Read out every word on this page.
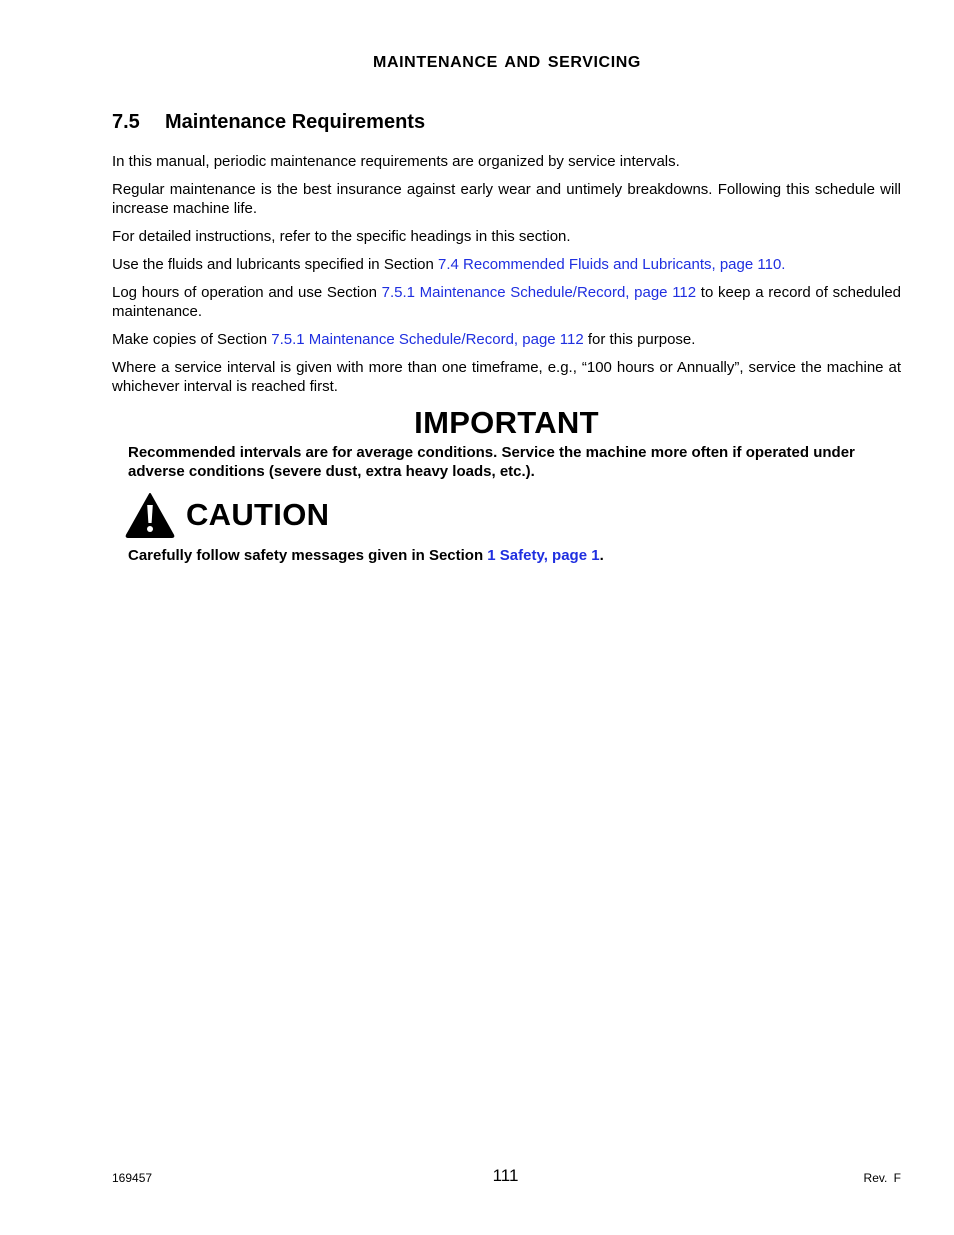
MAINTENANCE AND SERVICING
7.5 Maintenance Requirements

In this manual, periodic maintenance requirements are organized by service intervals.

Regular maintenance is the best insurance against early wear and untimely breakdowns. Following this schedule will increase machine life.

For detailed instructions, refer to the specific headings in this section.

Use the fluids and lubricants specified in Section 7.4 Recommended Fluids and Lubricants, page 110.

Log hours of operation and use Section 7.5.1 Maintenance Schedule/Record, page 112 to keep a record of scheduled maintenance.

Make copies of Section 7.5.1 Maintenance Schedule/Record, page 112 for this purpose.

Where a service interval is given with more than one timeframe, e.g., “100 hours or Annually”, service the machine at whichever interval is reached first.

IMPORTANT
Recommended intervals are for average conditions. Service the machine more often if operated under adverse conditions (severe dust, extra heavy loads, etc.).
CAUTION
Carefully follow safety messages given in Section 1 Safety, page 1.
169457	111	Rev. F
